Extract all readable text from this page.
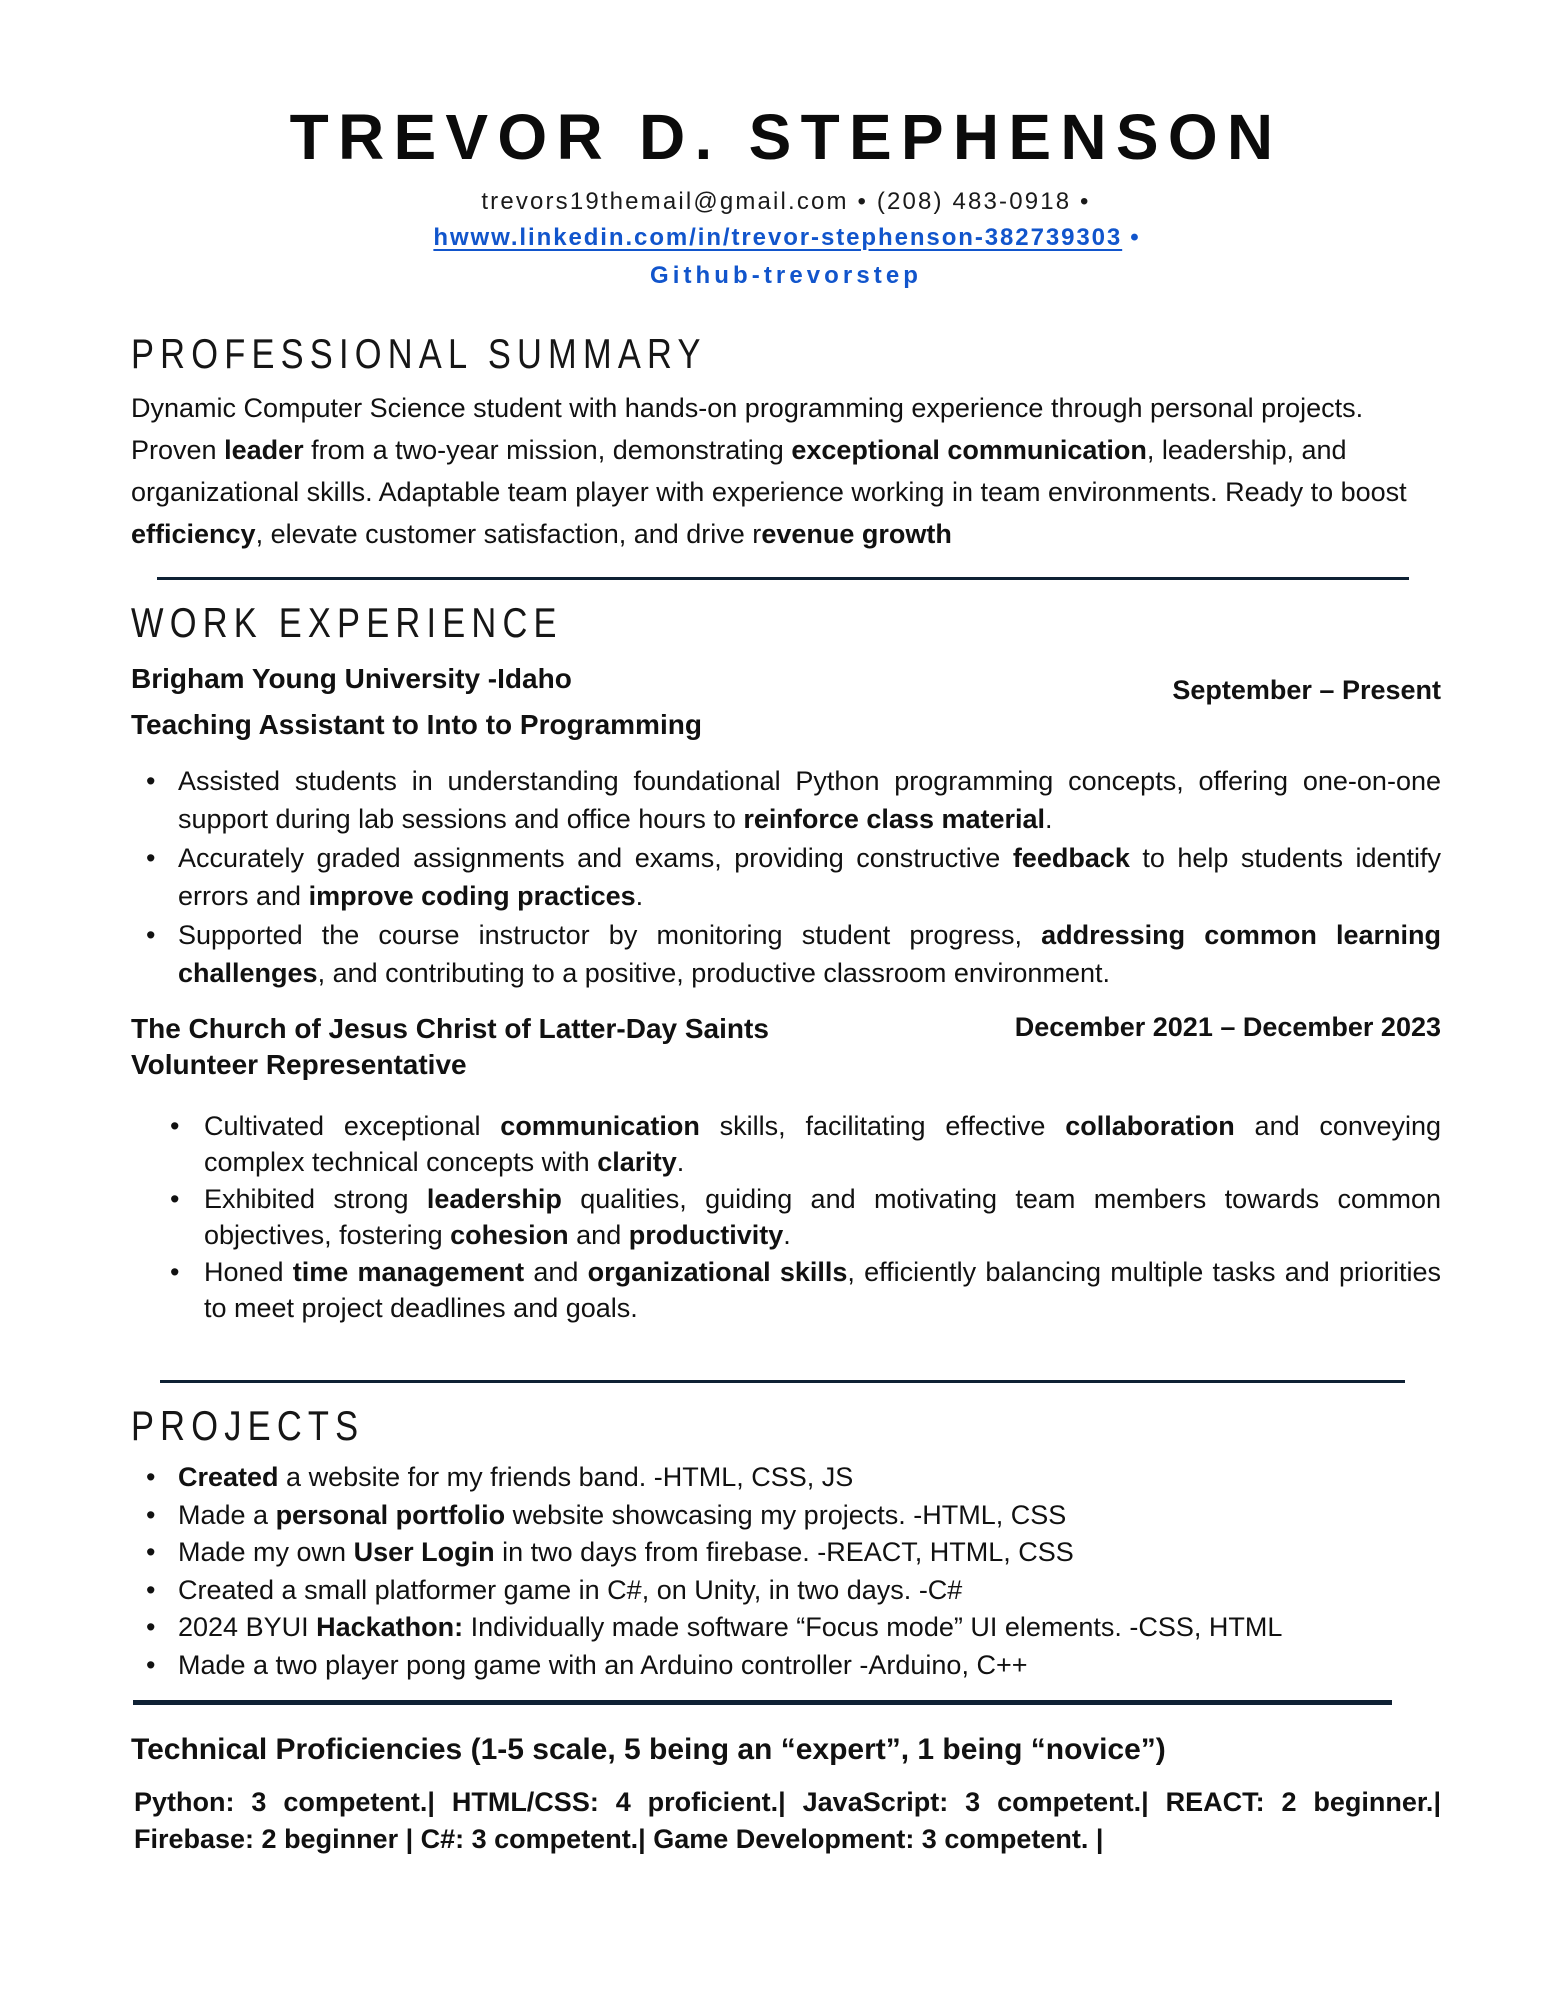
TREVOR D. STEPHENSON

trevors19themail@gmail.com • (208) 483-0918 •

hwww.linkedin.com/in/trevor-stephenson-382739303 •

Github-trevorstep

PROFESSIONAL SUMMARY

Dynamic Computer Science student with hands-on programming experience through personal projects. Proven leader from a two-year mission, demonstrating exceptional communication, leadership, and organizational skills. Adaptable team player with experience working in team environments. Ready to boost efficiency, elevate customer satisfaction, and drive revenue growth

WORK EXPERIENCE
Brigham Young University -Idaho	September – Present
Teaching Assistant to Into to Programming
• Assisted students in understanding foundational Python programming concepts, offering one-on-one support during lab sessions and office hours to reinforce class material.
• Accurately graded assignments and exams, providing constructive feedback to help students identify errors and improve coding practices.
• Supported the course instructor by monitoring student progress, addressing common learning challenges, and contributing to a positive, productive classroom environment.
The Church of Jesus Christ of Latter-Day Saints	December 2021 – December 2023
Volunteer Representative
• Cultivated exceptional communication skills, facilitating effective collaboration and conveying complex technical concepts with clarity.
• Exhibited strong leadership qualities, guiding and motivating team members towards common objectives, fostering cohesion and productivity.
• Honed time management and organizational skills, efficiently balancing multiple tasks and priorities to meet project deadlines and goals.
PROJECTS
• Created a website for my friends band. -HTML, CSS, JS
• Made a personal portfolio website showcasing my projects. -HTML, CSS
• Made my own User Login in two days from firebase. -REACT, HTML, CSS
• Created a small platformer game in C#, on Unity, in two days. -C#
• 2024 BYUI Hackathon: Individually made software “Focus mode” UI elements. -CSS, HTML
• Made a two player pong game with an Arduino controller -Arduino, C++
Technical Proficiencies (1-5 scale, 5 being an “expert”, 1 being “novice”)

Python: 3 competent.| HTML/CSS: 4 proficient.| JavaScript: 3 competent.| REACT: 2 beginner.| Firebase: 2 beginner | C#: 3 competent.| Game Development: 3 competent. |
